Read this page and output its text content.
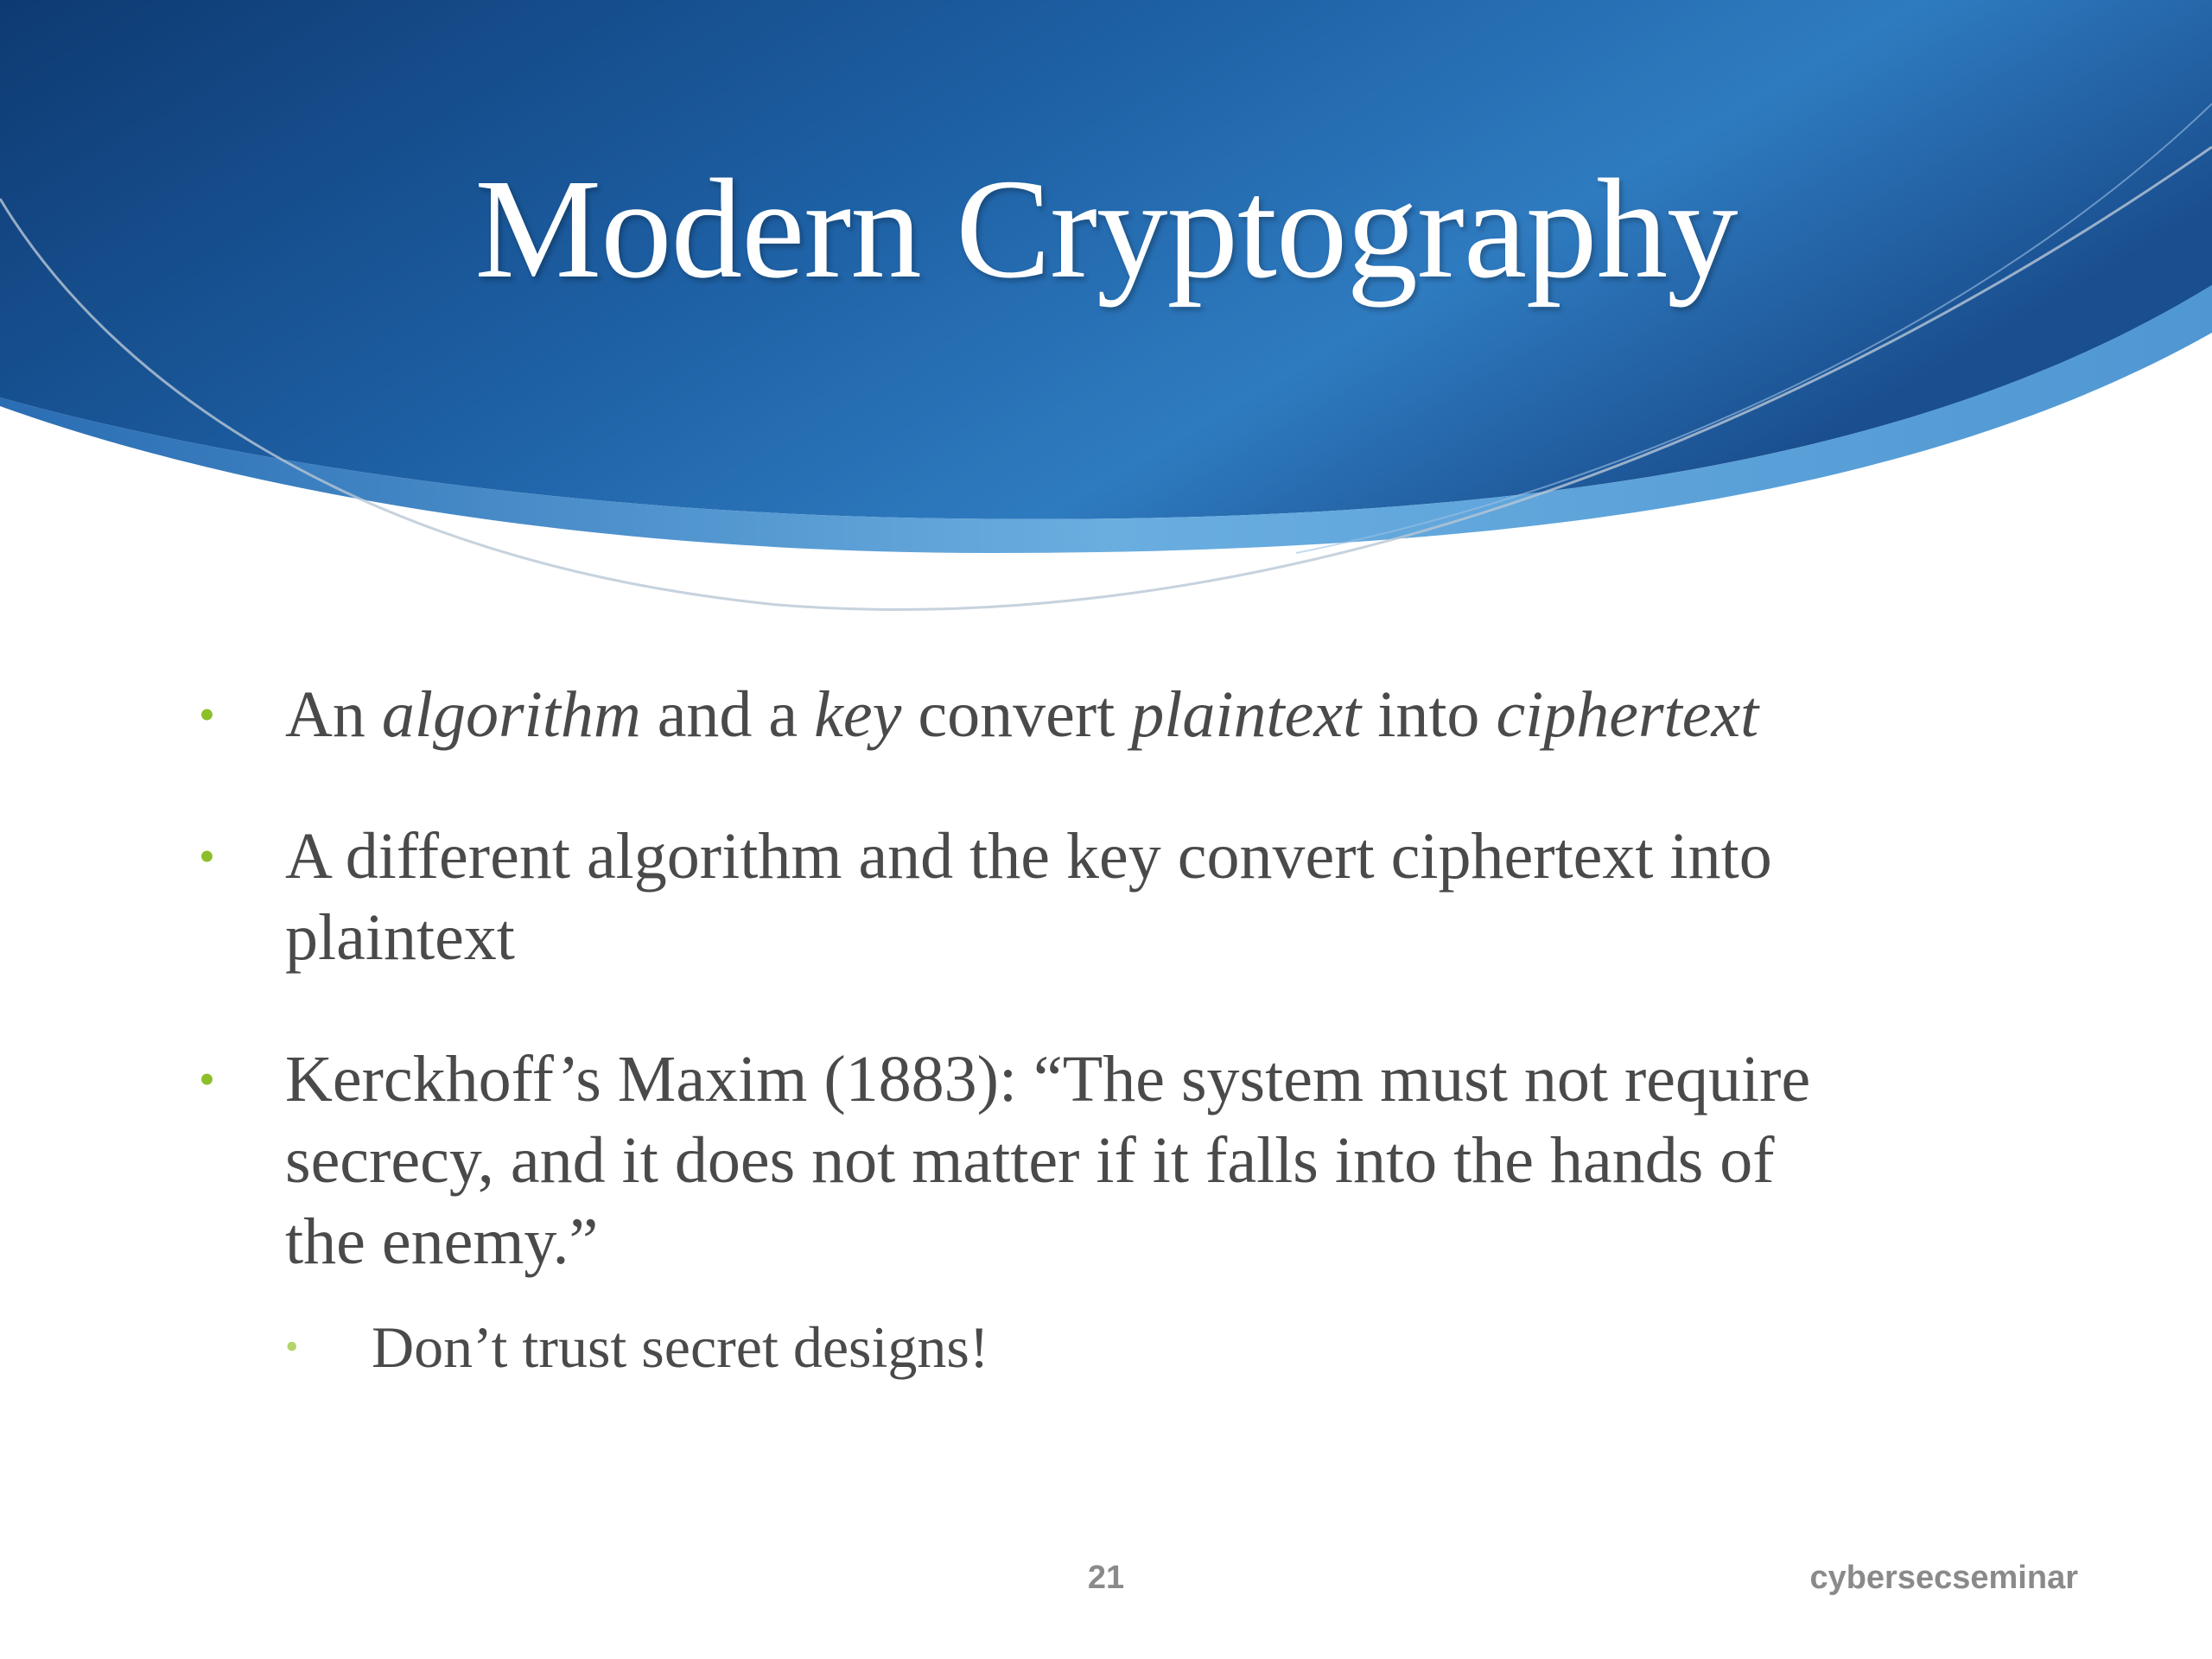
Modern Cryptography
• An algorithm and a key convert plaintext into ciphertext
• A different algorithm and the key convert ciphertext into
plaintext
• Kerckhoff’s Maxim (1883): “The system must not require
secrecy, and it does not matter if it falls into the hands of
the enemy.”
• Don’t trust secret designs!
21	cybersecseminar
